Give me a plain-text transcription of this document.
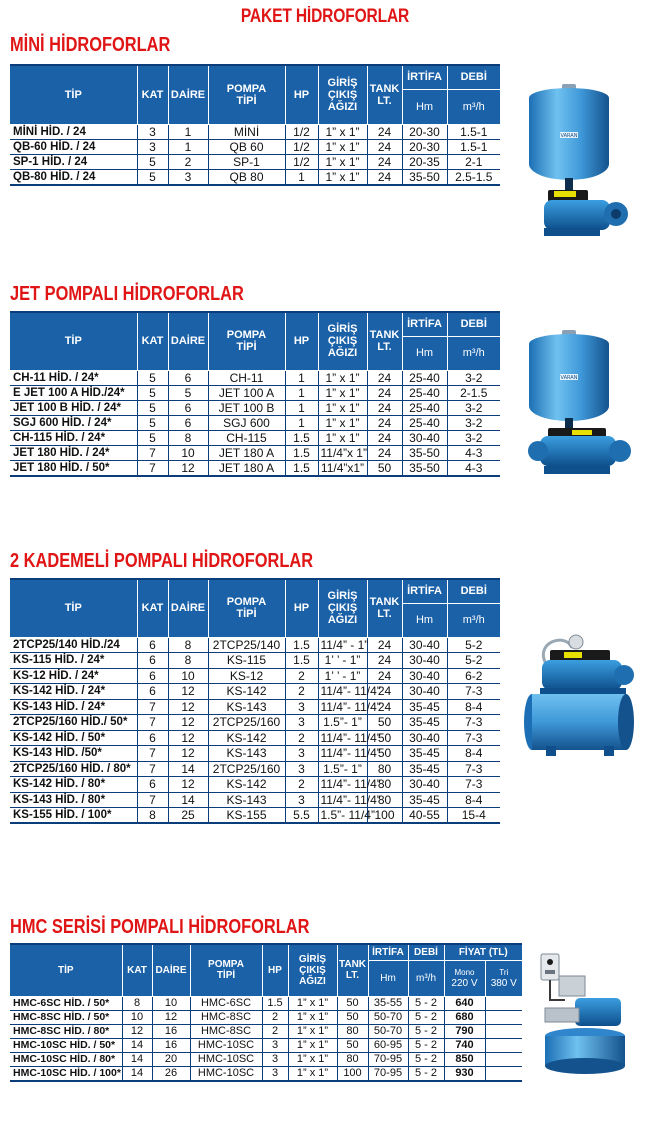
PAKET HİDROFORLAR
MİNİ HİDROFORLAR
TİP	KAT	DAİRE	POMPA
TİPİ	HP	GİRİŞ
ÇIKIŞ
AĞIZI	TANK
LT.	İRTİFA	DEBİ
							Hm	m³/h
MİNİ HİD. / 24	3	1	MİNİ	1/2	1” x 1”	24	20-30	1.5-1
QB-60 HİD. / 24	3	1	QB 60	1/2	1” x 1”	24	20-30	1.5-1
SP-1 HİD. / 24	5	2	SP-1	1/2	1” x 1”	24	20-35	2-1
QB-80 HİD. / 24	5	3	QB 80	1	1” x 1”	24	35-50	2.5-1.5
VARAN
JET POMPALI HİDROFORLAR
TİP	KAT	DAİRE	POMPA
TİPİ	HP	GİRİŞ
ÇIKIŞ
AĞIZI	TANK
LT.	İRTİFA	DEBİ
							Hm	m³/h
CH-11 HİD. / 24*	5	6	CH-11	1	1” x 1”	24	25-40	3-2
E JET 100 A HİD./24*	5	5	JET 100 A	1	1” x 1”	24	25-40	2-1.5
JET 100 B HİD. / 24*	5	6	JET 100 B	1	1” x 1”	24	25-40	3-2
SGJ 600 HİD. / 24*	5	6	SGJ 600	1	1” x 1”	24	25-40	3-2
CH-115 HİD. / 24*	5	8	CH-115	1.5	1” x 1”	24	30-40	3-2
JET 180 HİD. / 24*	7	10	JET 180 A	1.5	11/4”x 1”	24	35-50	4-3
JET 180 HİD. / 50*	7	12	JET 180 A	1.5	11/4”x1”	50	35-50	4-3
VARAN
2 KADEMELİ POMPALI HİDROFORLAR
TİP	KAT	DAİRE	POMPA
TİPİ	HP	GİRİŞ
ÇIKIŞ
AĞIZI	TANK
LT.	İRTİFA	DEBİ
							Hm	m³/h
2TCP25/140 HİD./24	6	8	2TCP25/140	1.5	11/4” - 1”	24	30-40	5-2
KS-115 HİD. / 24*	6	8	KS-115	1.5	1’ ’ - 1”	24	30-40	5-2
KS-12 HİD. / 24*	6	10	KS-12	2	1’ ’ - 1”	24	30-40	6-2
KS-142 HİD. / 24*	6	12	KS-142	2	11/4”- 11/4”	24	30-40	7-3
KS-143 HİD. / 24*	7	12	KS-143	3	11/4”- 11/4”	24	35-45	8-4
2TCP25/160 HİD./ 50*	7	12	2TCP25/160	3	1.5”- 1”	50	35-45	7-3
KS-142 HİD. / 50*	6	12	KS-142	2	11/4”- 11/4”	50	30-40	7-3
KS-143 HİD. /50*	7	12	KS-143	3	11/4”- 11/4”	50	35-45	8-4
2TCP25/160 HİD. / 80*	7	14	2TCP25/160	3	1.5”- 1”	80	35-45	7-3
KS-142 HİD. / 80*	6	12	KS-142	2	11/4”- 11/4”	80	30-40	7-3
KS-143 HİD. / 80*	7	14	KS-143	3	11/4”- 11/4”	80	35-45	8-4
KS-155 HİD. / 100*	8	25	KS-155	5.5	1.5”- 11/4”	100	40-55	15-4
HMC SERİSİ POMPALI HİDROFORLAR
TİP	KAT	DAİRE	POMPA
TİPİ	HP	GİRİŞ
ÇIKIŞ
AĞIZI	TANK
LT.	İRTİFA	DEBİ	FİYAT (TL)	
							Hm	m³/h	Mono
220 V	Tri
380 V
HMC-6SC HİD. / 50*	8	10	HMC-6SC	1.5	1” x 1”	50	35-55	5 - 2	640	
HMC-8SC HİD. / 50*	10	12	HMC-8SC	2	1” x 1”	50	50-70	5 - 2	680	
HMC-8SC HİD. / 80*	12	16	HMC-8SC	2	1” x 1”	80	50-70	5 - 2	790	
HMC-10SC HİD. / 50*	14	16	HMC-10SC	3	1” x 1”	50	60-95	5 - 2	740	
HMC-10SC HİD. / 80*	14	20	HMC-10SC	3	1” x 1”	80	70-95	5 - 2	850	
HMC-10SC HİD. / 100*	14	26	HMC-10SC	3	1” x 1”	100	70-95	5 - 2	930	
